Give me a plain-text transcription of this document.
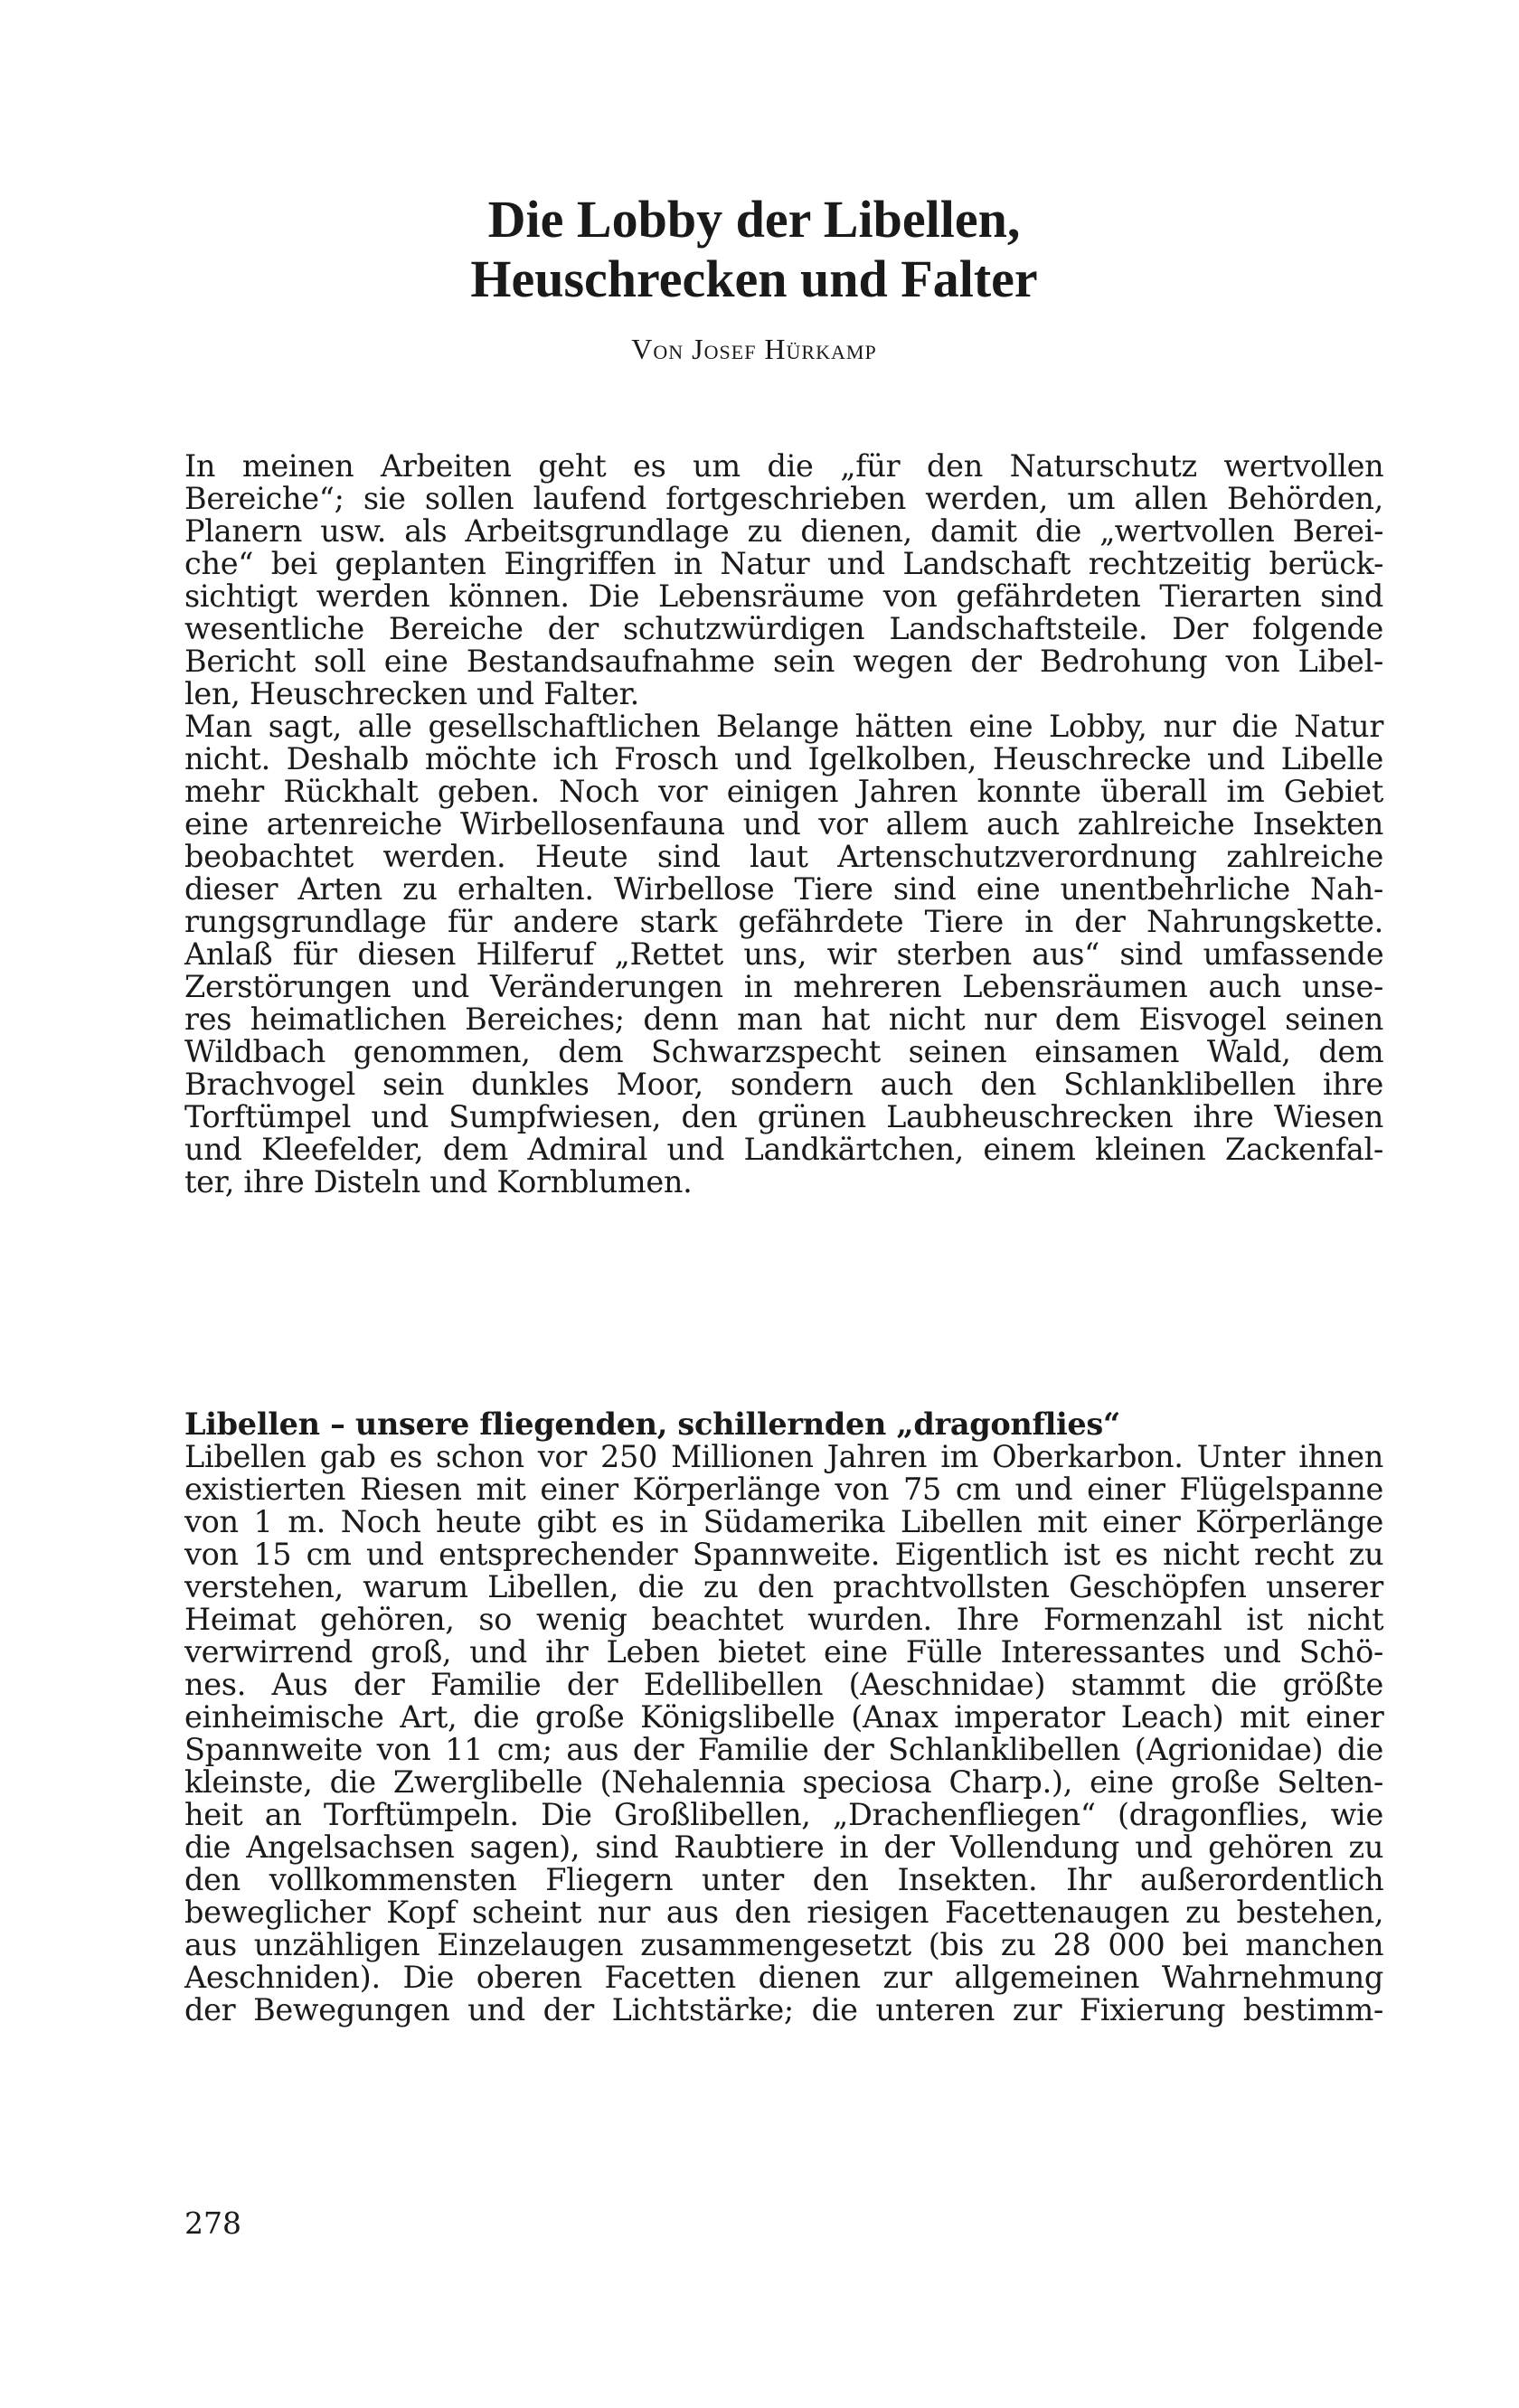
Die Lobby der Libellen,
Heuschrecken und Falter

Von Josef Hürkamp

In meinen Arbeiten geht es um die „für den Naturschutz wertvollen
Bereiche“; sie sollen laufend fortgeschrieben werden, um allen Behörden,
Planern usw. als Arbeitsgrundlage zu dienen, damit die „wertvollen Berei-
che“ bei geplanten Eingriffen in Natur und Landschaft rechtzeitig berück-
sichtigt werden können. Die Lebensräume von gefährdeten Tierarten sind
wesentliche Bereiche der schutzwürdigen Landschaftsteile. Der folgende
Bericht soll eine Bestandsaufnahme sein wegen der Bedrohung von Libel-
len, Heuschrecken und Falter.
Man sagt, alle gesellschaftlichen Belange hätten eine Lobby, nur die Natur
nicht. Deshalb möchte ich Frosch und Igelkolben, Heuschrecke und Libelle
mehr Rückhalt geben. Noch vor einigen Jahren konnte überall im Gebiet
eine artenreiche Wirbellosenfauna und vor allem auch zahlreiche Insekten
beobachtet werden. Heute sind laut Artenschutzverordnung zahlreiche
dieser Arten zu erhalten. Wirbellose Tiere sind eine unentbehrliche Nah-
rungsgrundlage für andere stark gefährdete Tiere in der Nahrungskette.
Anlaß für diesen Hilferuf „Rettet uns, wir sterben aus“ sind umfassende
Zerstörungen und Veränderungen in mehreren Lebensräumen auch unse-
res heimatlichen Bereiches; denn man hat nicht nur dem Eisvogel seinen
Wildbach genommen, dem Schwarzspecht seinen einsamen Wald, dem
Brachvogel sein dunkles Moor, sondern auch den Schlanklibellen ihre
Torftümpel und Sumpfwiesen, den grünen Laubheuschrecken ihre Wiesen
und Kleefelder, dem Admiral und Landkärtchen, einem kleinen Zackenfal-
ter, ihre Disteln und Kornblumen.
Libellen – unsere fliegenden, schillernden „dragonflies“
Libellen gab es schon vor 250 Millionen Jahren im Oberkarbon. Unter ihnen
existierten Riesen mit einer Körperlänge von 75 cm und einer Flügelspanne
von 1 m. Noch heute gibt es in Südamerika Libellen mit einer Körperlänge
von 15 cm und entsprechender Spannweite. Eigentlich ist es nicht recht zu
verstehen, warum Libellen, die zu den prachtvollsten Geschöpfen unserer
Heimat gehören, so wenig beachtet wurden. Ihre Formenzahl ist nicht
verwirrend groß, und ihr Leben bietet eine Fülle Interessantes und Schö-
nes. Aus der Familie der Edellibellen (Aeschnidae) stammt die größte
einheimische Art, die große Königslibelle (Anax imperator Leach) mit einer
Spannweite von 11 cm; aus der Familie der Schlanklibellen (Agrionidae) die
kleinste, die Zwerglibelle (Nehalennia speciosa Charp.), eine große Selten-
heit an Torftümpeln. Die Großlibellen, „Drachenfliegen“ (dragonflies, wie
die Angelsachsen sagen), sind Raubtiere in der Vollendung und gehören zu
den vollkommensten Fliegern unter den Insekten. Ihr außerordentlich
beweglicher Kopf scheint nur aus den riesigen Facettenaugen zu bestehen,
aus unzähligen Einzelaugen zusammengesetzt (bis zu 28 000 bei manchen
Aeschniden). Die oberen Facetten dienen zur allgemeinen Wahrnehmung
der Bewegungen und der Lichtstärke; die unteren zur Fixierung bestimm-
278
